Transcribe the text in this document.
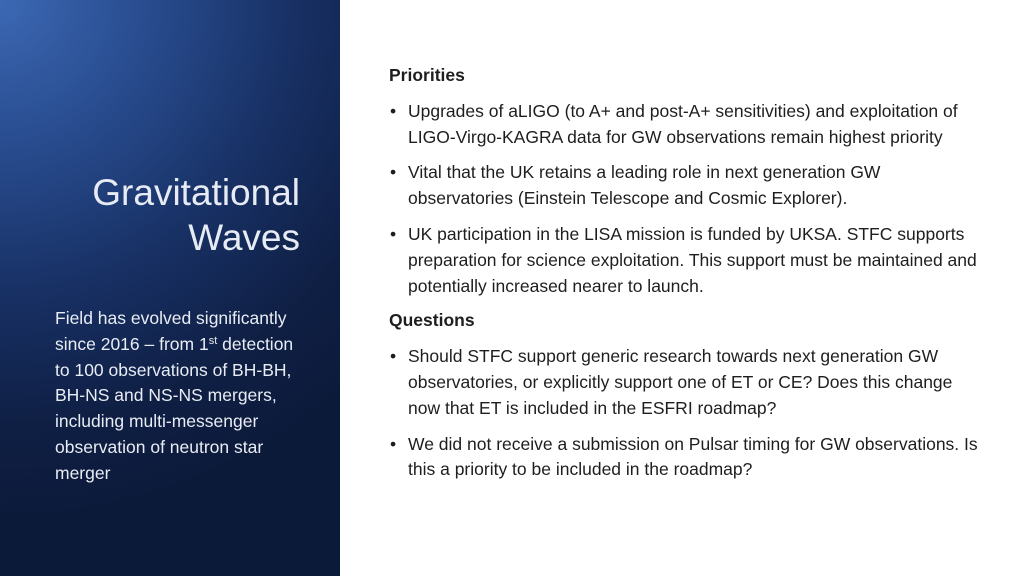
Gravitational
Waves

Field has evolved significantly since 2016 – from 1st detection to 100 observations of BH-BH, BH-NS and NS-NS mergers, including multi-messenger observation of neutron star merger

Priorities

• Upgrades of aLIGO (to A+ and post-A+ sensitivities) and exploitation of LIGO-Virgo-KAGRA data for GW observations remain highest priority
• Vital that the UK retains a leading role in next generation GW observatories (Einstein Telescope and Cosmic Explorer).
• UK participation in the LISA mission is funded by UKSA. STFC supports preparation for science exploitation. This support must be maintained and potentially increased nearer to launch.

Questions

• Should STFC support generic research towards next generation GW observatories, or explicitly support one of ET or CE? Does this change now that ET is included in the ESFRI roadmap?
• We did not receive a submission on Pulsar timing for GW observations. Is this a priority to be included in the roadmap?
